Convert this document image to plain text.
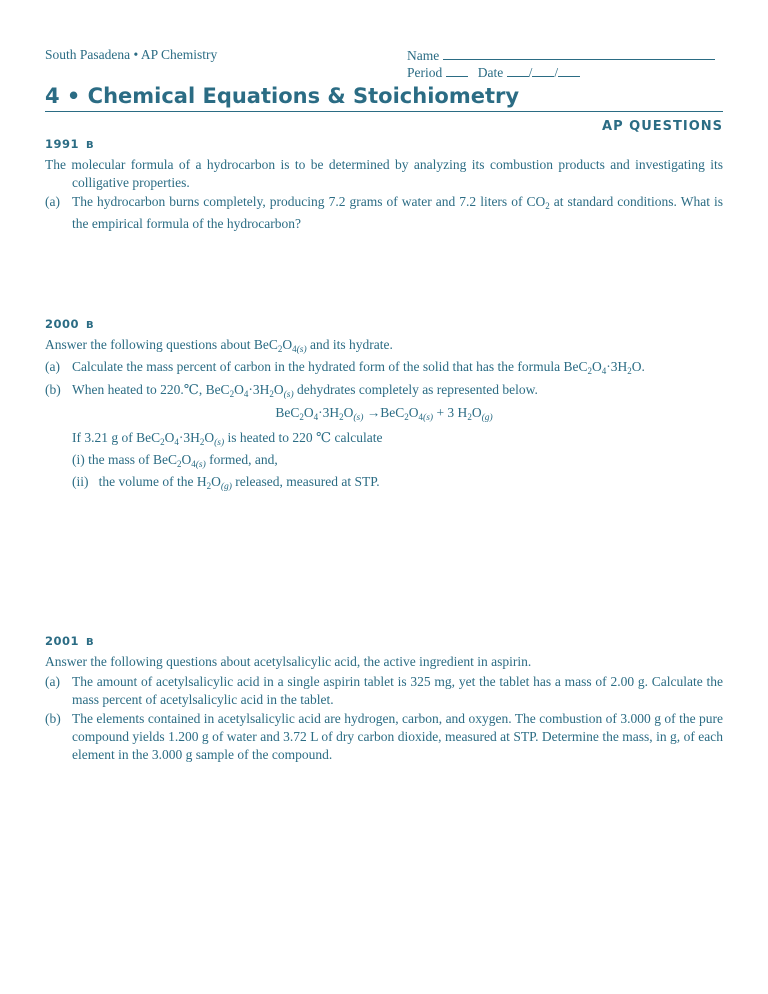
South Pasadena • AP Chemistry	Name
Period	Date / /
4 • Chemical Equations & Stoichiometry
AP QUESTIONS
1991 B
The molecular formula of a hydrocarbon is to be determined by analyzing its combustion products and investigating its colligative properties.
(a) The hydrocarbon burns completely, producing 7.2 grams of water and 7.2 liters of $CO_2$ at standard conditions. What is the empirical formula of the hydrocarbon?
2000 B
Answer the following questions about $BeC_2O_{4(s)}$ and its hydrate.
(a) Calculate the mass percent of carbon in the hydrated form of the solid that has the formula $BeC_2O_4\cdot 3H_2O$.
(b) When heated to 220.℃, $BeC_2O_4\cdot 3H_2O_{(s)}$ dehydrates completely as represented below.
$BeC_2O_4\cdot 3H_2O_{(s)} \to BeC_2O_{4(s)} + 3$ $H_2O_{(g)}$
If 3.21 g of $BeC_2O_4\cdot 3H_2O_{(s)}$ is heated to 220 ℃ calculate
(i) the mass of $BeC_2O_{4(s)}$ formed, and,
(ii)   the volume of the $H_2O_{(g)}$ released, measured at STP.
2001 B
Answer the following questions about acetylsalicylic acid, the active ingredient in aspirin.
(a) The amount of acetylsalicylic acid in a single aspirin tablet is 325 mg, yet the tablet has a mass of 2.00 g. Calculate the mass percent of acetylsalicylic acid in the tablet.
(b) The elements contained in acetylsalicylic acid are hydrogen, carbon, and oxygen. The combustion of 3.000 g of the pure compound yields 1.200 g of water and 3.72 L of dry carbon dioxide, measured at STP. Determine the mass, in g, of each element in the 3.000 g sample of the compound.
